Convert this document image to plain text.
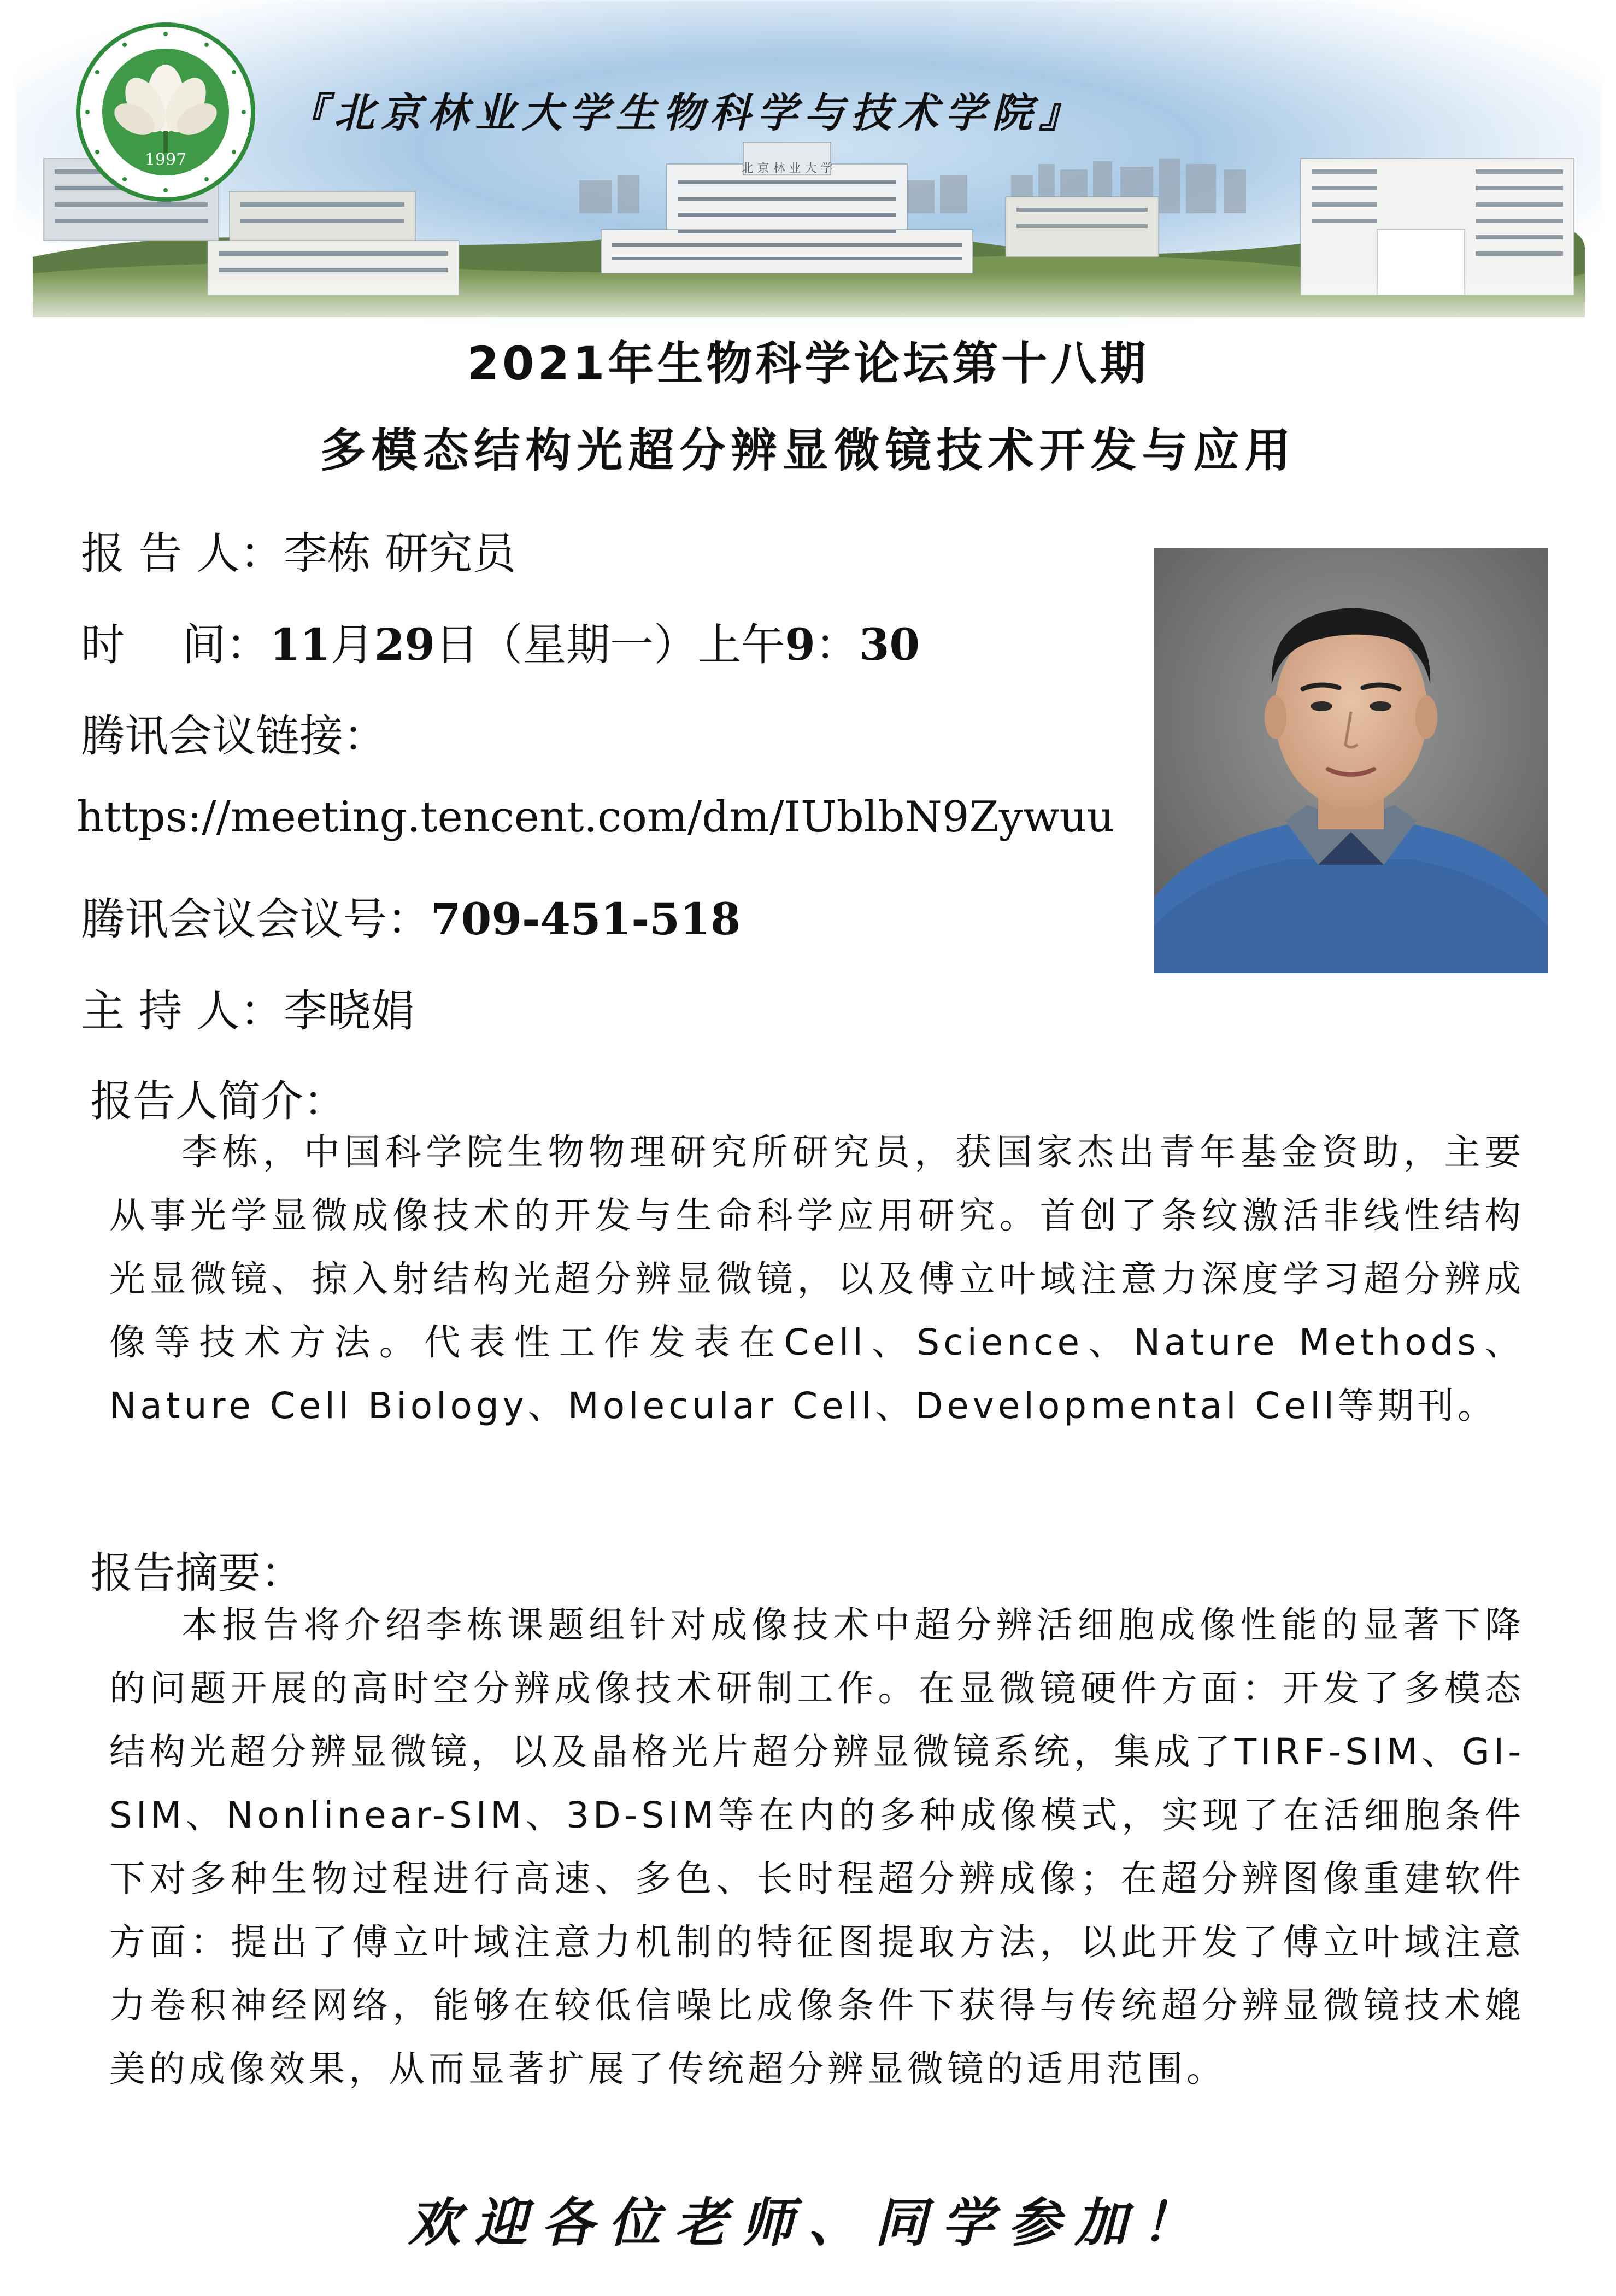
北 京 林 业 大 学
1997
『北京林业大学生物科学与技术学院』
2021年生物科学论坛第十八期
多模态结构光超分辨显微镜技术开发与应用
报 告 人：李栋 研究员
时　 间：11月29日（星期一）上午9：30
腾讯会议链接：
https://meeting.tencent.com/dm/IUblbN9Zywuu
腾讯会议会议号：709-451-518
主 持 人：李晓娟
报告人简介：
李栋，中国科学院生物物理研究所研究员，获国家杰出青年基金资助，主要从事光学显微成像技术的开发与生命科学应用研究。首创了条纹激活非线性结构光显微镜、掠入射结构光超分辨显微镜，以及傅立叶域注意力深度学习超分辨成像等技术方法。代表性工作发表在Cell、Science、Nature Methods、Nature Cell Biology、Molecular Cell、Developmental Cell等期刊。
报告摘要：
本报告将介绍李栋课题组针对成像技术中超分辨活细胞成像性能的显著下降的问题开展的高时空分辨成像技术研制工作。在显微镜硬件方面：开发了多模态结构光超分辨显微镜，以及晶格光片超分辨显微镜系统，集成了TIRF-SIM、GI-SIM、Nonlinear-SIM、3D-SIM等在内的多种成像模式，实现了在活细胞条件下对多种生物过程进行高速、多色、长时程超分辨成像；在超分辨图像重建软件方面：提出了傅立叶域注意力机制的特征图提取方法，以此开发了傅立叶域注意力卷积神经网络，能够在较低信噪比成像条件下获得与传统超分辨显微镜技术媲美的成像效果，从而显著扩展了传统超分辨显微镜的适用范围。
欢迎各位老师、同学参加！
